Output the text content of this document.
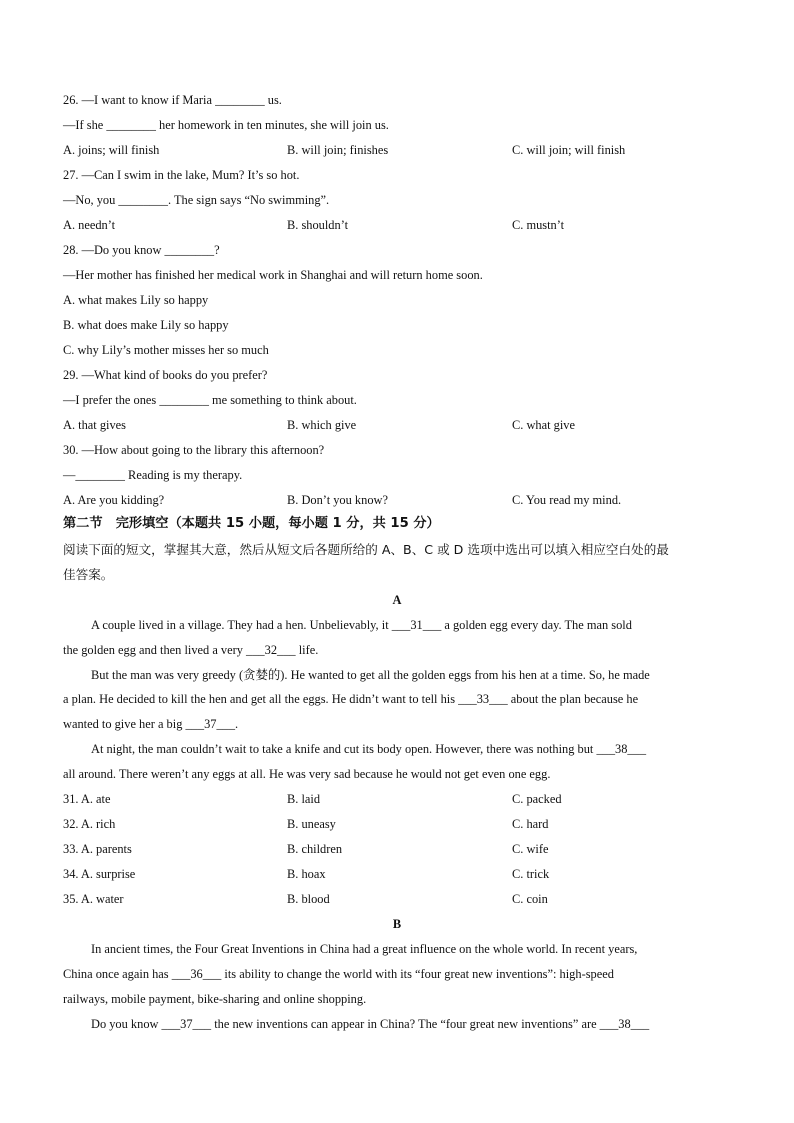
26. —I want to know if Maria ________ us.
—If she ________ her homework in ten minutes, she will join us.
A. joins; will finish	B. will join; finishes	C. will join; will finish
27. —Can I swim in the lake, Mum? It’s so hot.
—No, you ________. The sign says “No swimming”.
A. needn’t	B. shouldn’t	C. mustn’t
28. —Do you know ________?
—Her mother has finished her medical work in Shanghai and will return home soon.
A. what makes Lily so happy
B. what does make Lily so happy
C. why Lily’s mother misses her so much
29. —What kind of books do you prefer?
—I prefer the ones ________ me something to think about.
A. that gives	B. which give	C. what give
30. —How about going to the library this afternoon?
—________ Reading is my therapy.
A. Are you kidding?	B. Don’t you know?	C. You read my mind.
第二节　完形填空（本题共 15 小题，每小题 1 分，共 15 分）
阅读下面的短文，掌握其大意，然后从短文后各题所给的 A、B、C 或 D 选项中选出可以填入相应空白处的最
佳答案。
A
A couple lived in a village. They had a hen. Unbelievably, it ___31___ a golden egg every day. The man sold
the golden egg and then lived a very ___32___ life.
But the man was very greedy (贪婪的). He wanted to get all the golden eggs from his hen at a time. So, he made
a plan. He decided to kill the hen and get all the eggs. He didn’t want to tell his ___33___ about the plan because he
wanted to give her a big ___37___.
At night, the man couldn’t wait to take a knife and cut its body open. However, there was nothing but ___38___
all around. There weren’t any eggs at all. He was very sad because he would not get even one egg.
31. A. ate	B. laid	C. packed
32. A. rich	B. uneasy	C. hard
33. A. parents	B. children	C. wife
34. A. surprise	B. hoax	C. trick
35. A. water	B. blood	C. coin
B
In ancient times, the Four Great Inventions in China had a great influence on the whole world. In recent years,
China once again has ___36___ its ability to change the world with its “four great new inventions”: high-speed
railways, mobile payment, bike-sharing and online shopping.
Do you know ___37___ the new inventions can appear in China? The “four great new inventions” are ___38___
